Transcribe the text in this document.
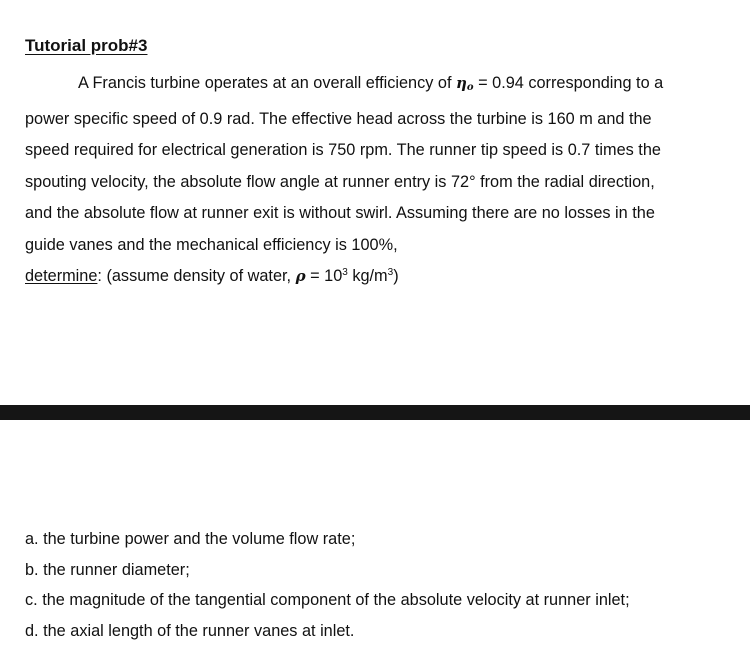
Tutorial prob#3
A Francis turbine operates at an overall efficiency of $\eta_o = 0.94$ corresponding to a
power specific speed of 0.9 rad. The effective head across the turbine is 160 m and the
speed required for electrical generation is 750 rpm. The runner tip speed is 0.7 times the
spouting velocity, the absolute flow angle at runner entry is 72° from the radial direction,
and the absolute flow at runner exit is without swirl. Assuming there are no losses in the
guide vanes and the mechanical efficiency is 100%,
determine: (assume density of water, $\rho = 10^3$ $kg/m^3$)
a. the turbine power and the volume flow rate;
b. the runner diameter;
c. the magnitude of the tangential component of the absolute velocity at runner inlet;
d. the axial length of the runner vanes at inlet.
